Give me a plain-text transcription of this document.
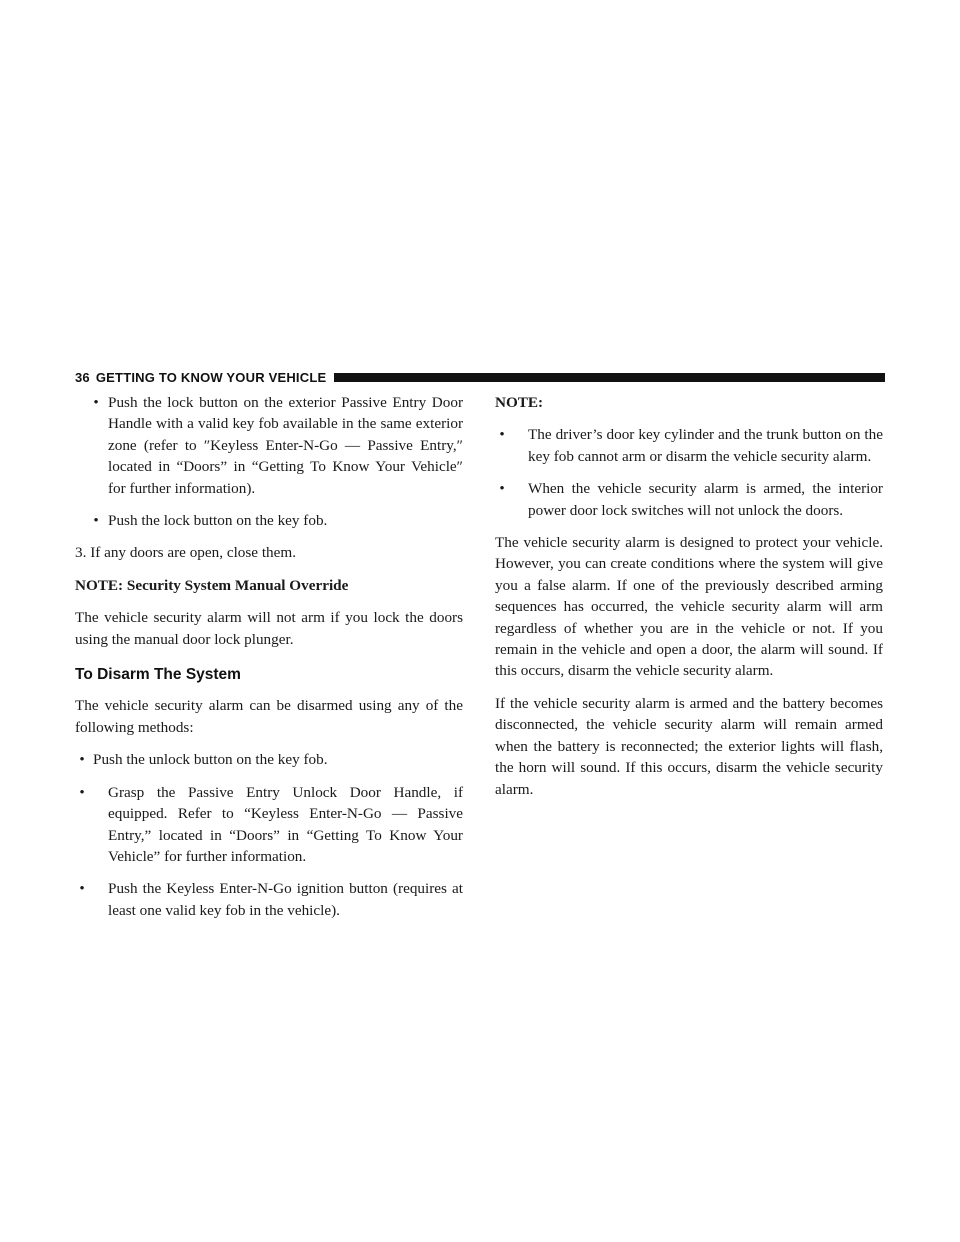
36 GETTING TO KNOW YOUR VEHICLE
• Push the lock button on the exterior Passive Entry Door Handle with a valid key fob available in the same exterior zone (refer to ″Keyless Enter-N-Go — Passive Entry,″ located in “Doors” in “Getting To Know Your Vehicle″ for further information).
• Push the lock button on the key fob.

3. If any doors are open, close them.

NOTE: Security System Manual Override

The vehicle security alarm will not arm if you lock the doors using the manual door lock plunger.

To Disarm The System

The vehicle security alarm can be disarmed using any of the following methods:

• Push the unlock button on the key fob.
• Grasp the Passive Entry Unlock Door Handle, if equipped. Refer to “Keyless Enter-N-Go — Passive Entry,” located in “Doors” in “Getting To Know Your Vehicle” for further information.
• Push the Keyless Enter-N-Go ignition button (requires at least one valid key fob in the vehicle).

NOTE:

• The driver’s door key cylinder and the trunk button on the key fob cannot arm or disarm the vehicle security alarm.
• When the vehicle security alarm is armed, the interior power door lock switches will not unlock the doors.

The vehicle security alarm is designed to protect your vehicle. However, you can create conditions where the system will give you a false alarm. If one of the previously described arming sequences has occurred, the vehicle security alarm will arm regardless of whether you are in the vehicle or not. If you remain in the vehicle and open a door, the alarm will sound. If this occurs, disarm the vehicle security alarm.

If the vehicle security alarm is armed and the battery becomes disconnected, the vehicle security alarm will remain armed when the battery is reconnected; the exterior lights will flash, the horn will sound. If this occurs, disarm the vehicle security alarm.
